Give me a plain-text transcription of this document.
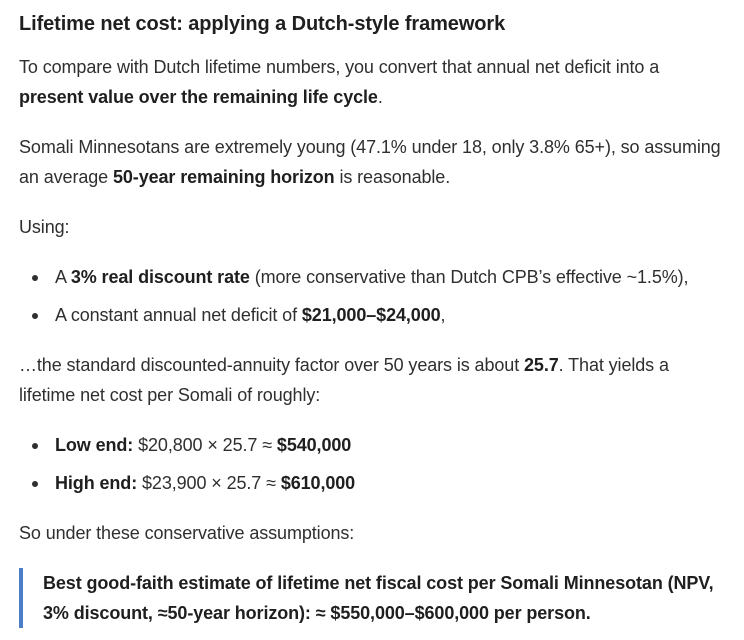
Lifetime net cost: applying a Dutch-style framework

To compare with Dutch lifetime numbers, you convert that annual net deficit into a present value over the remaining life cycle.

Somali Minnesotans are extremely young (47.1% under 18, only 3.8% 65+), so assuming an average 50-year remaining horizon is reasonable.

Using:

A 3% real discount rate (more conservative than Dutch CPB’s effective ~1.5%),
A constant annual net deficit of $21,000–$24,000,

…the standard discounted-annuity factor over 50 years is about 25.7. That yields a lifetime net cost per Somali of roughly:

Low end: $20,800 × 25.7 ≈ $540,000
High end: $23,900 × 25.7 ≈ $610,000

So under these conservative assumptions:

Best good-faith estimate of lifetime net fiscal cost per Somali Minnesotan (NPV, 3% discount, ≈50-year horizon): ≈ $550,000–$600,000 per person.
